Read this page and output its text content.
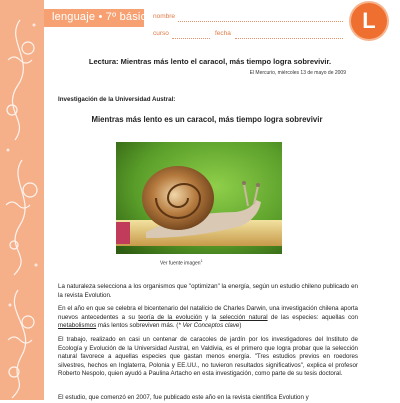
lenguaje • 7º básico nombre
curso	fecha
L
Lectura: Mientras más lento el caracol, más tiempo logra sobrevivir.
El Mercurio, miércoles 13 de mayo de 2009
Investigación de la Universidad Austral:
Mientras más lento es un caracol, más tiempo logra sobrevivir
Ver fuente imagen$^1$
La naturaleza selecciona a los organismos que "optimizan" la energía, según un estudio chileno publicado en la revista Evolution.
En el año en que se celebra el bicentenario del natalicio de Charles Darwin, una investigación chilena aporta nuevos antecedentes a su teoría de la evolución y la selección natural de las especies: aquellas con metabolismos más lentos sobreviven más. (* Ver Conceptos clave)
El trabajo, realizado en casi un centenar de caracoles de jardín por los investigadores del Instituto de Ecología y Evolución de la Universidad Austral, en Valdivia, es el primero que logra probar que la selección natural favorece a aquellas especies que gastan menos energía. "Tres estudios previos en roedores silvestres, hechos en Inglaterra, Polonia y EE.UU., no tuvieron resultados significativos", explica el profesor Roberto Nespolo, quien ayudó a Paulina Artacho en esta investigación, como parte de su tesis doctoral.
El estudio, que comenzó en 2007, fue publicado este año en la revista científica Evolution y
